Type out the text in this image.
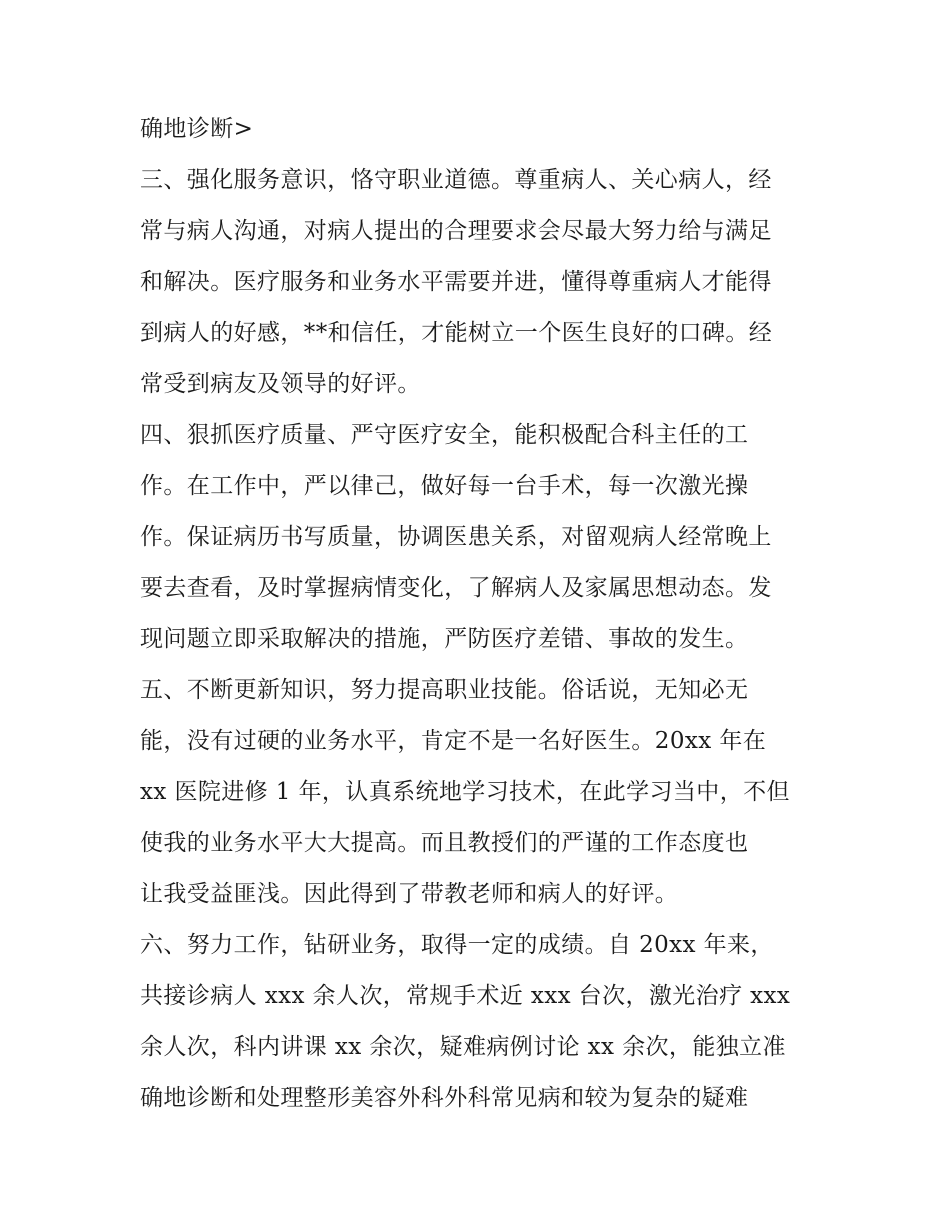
确地诊断>
三、强化服务意识，恪守职业道德。尊重病人、关心病人，经
常与病人沟通，对病人提出的合理要求会尽最大努力给与满足
和解决。医疗服务和业务水平需要并进，懂得尊重病人才能得
到病人的好感，**和信任，才能树立一个医生良好的口碑。经
常受到病友及领导的好评。
四、狠抓医疗质量、严守医疗安全，能积极配合科主任的工
作。在工作中，严以律己，做好每一台手术，每一次激光操
作。保证病历书写质量，协调医患关系，对留观病人经常晚上
要去查看，及时掌握病情变化，了解病人及家属思想动态。发
现问题立即采取解决的措施，严防医疗差错、事故的发生。
五、不断更新知识，努力提高职业技能。俗话说，无知必无
能，没有过硬的业务水平，肯定不是一名好医生。20xx 年在
xx 医院进修 1 年，认真系统地学习技术，在此学习当中，不但
使我的业务水平大大提高。而且教授们的严谨的工作态度也
让我受益匪浅。因此得到了带教老师和病人的好评。
六、努力工作，钻研业务，取得一定的成绩。自 20xx 年来，
共接诊病人 xxx 余人次，常规手术近 xxx 台次，激光治疗 xxx
余人次，科内讲课 xx 余次，疑难病例讨论 xx 余次，能独立准
确地诊断和处理整形美容外科外科常见病和较为复杂的疑难
